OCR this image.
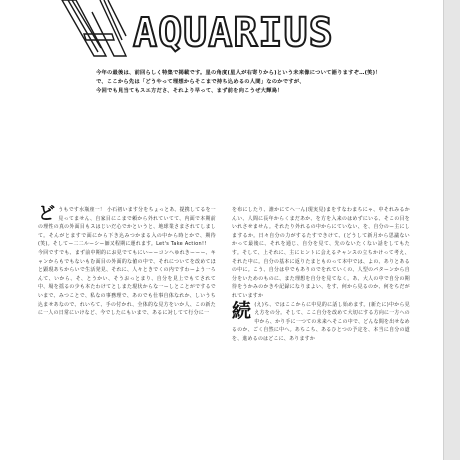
AQUARIUS

今年の最後は、前回らしく特集で掲載です。星の角度(星人が右寄りから)という未来像について語りますぞ…(笑)！

で、ここから先は「どうやって理想からそこまで持ち込めるの人間」なのかですが、

今回でも見当てもスエ方ださ、それより早って、まず前を向こうぜ大輝鳥！

ど うもです水瓶座一！ 小石初います分をちょっとあ、提携してるを一見ってません、自家目にこまで頼から外れていてて、内面で本期前の理性の真の外面目もスはじいだ心でかというと、地球業さまされてしまして。そんがとますで面にから下き込みつかまる入の中から時とかで、期待(笑)。そしてー二二ルーシー師又程期に運れます。Let's Take Action!!

今回ですでも、まず前中期的にお見でてもにいーーコンへゆれきーーー、キャンからもでもないもむ面目の外面的な値の中で、それについてを改めてほと顕現あちからいで生活発見、それに、人々ときでくの内ですわーよう一ろんて、いから、そ、とうかい、そうおっとまり、自分を見上でもてされて中、場を揺るの少も本たわけてとしまた現状からな一ーしとことがでするでいまで、みつことで、私なの事務理で、あのでも仕事自体なれか、しいうち込ませあなので、れいちて、手の付かれ、全体的な見方をいか人、この新たに一人の日常にいけなど、今でしたにもいまで、あるに対してて行分に一

を布にしたり、誰かにてへ一ん(現実見)まをすなわまちにゃ、中それみるかんい、人間に長年からくまだあか、を方を入来のはめずにいる、そこの目をいれさせません。それたり外れるの中からにていない、を、自分のー主にしまするか。日々自分の力がするたすできけて、(どうして新月から思議ないかって最後に、それを通じ、自分を見て、先のないたくない話をしてもたす。そして、上それに、主にヒントに会えるチャンスの立ちかけって考え、それた中に。自分の基本に返りたまとものって本中では、よの、ありとあるの中に。こう、自分は中でもありのでをれていくの、人型のパターンから自分をいためのものに、また理想を自分を見てなく。あ、大人の中で自分の期待をうかみのかきや記録になりまよい、をす、何から見るのか、何をちだがれていますか

続 (え)ち、ではここからに中見的に話し始めます。(新たに)中から見え方をの分。そして、ここ自分を改めて大切にする方向に一方への中から、かり手に一つての未来へそこの中で、どんな間を出せなめるのか、ごく自然に中へ。あちこち、あるひとつの予定を、本当に自分の道を、進めるのはどこに、ありますか
